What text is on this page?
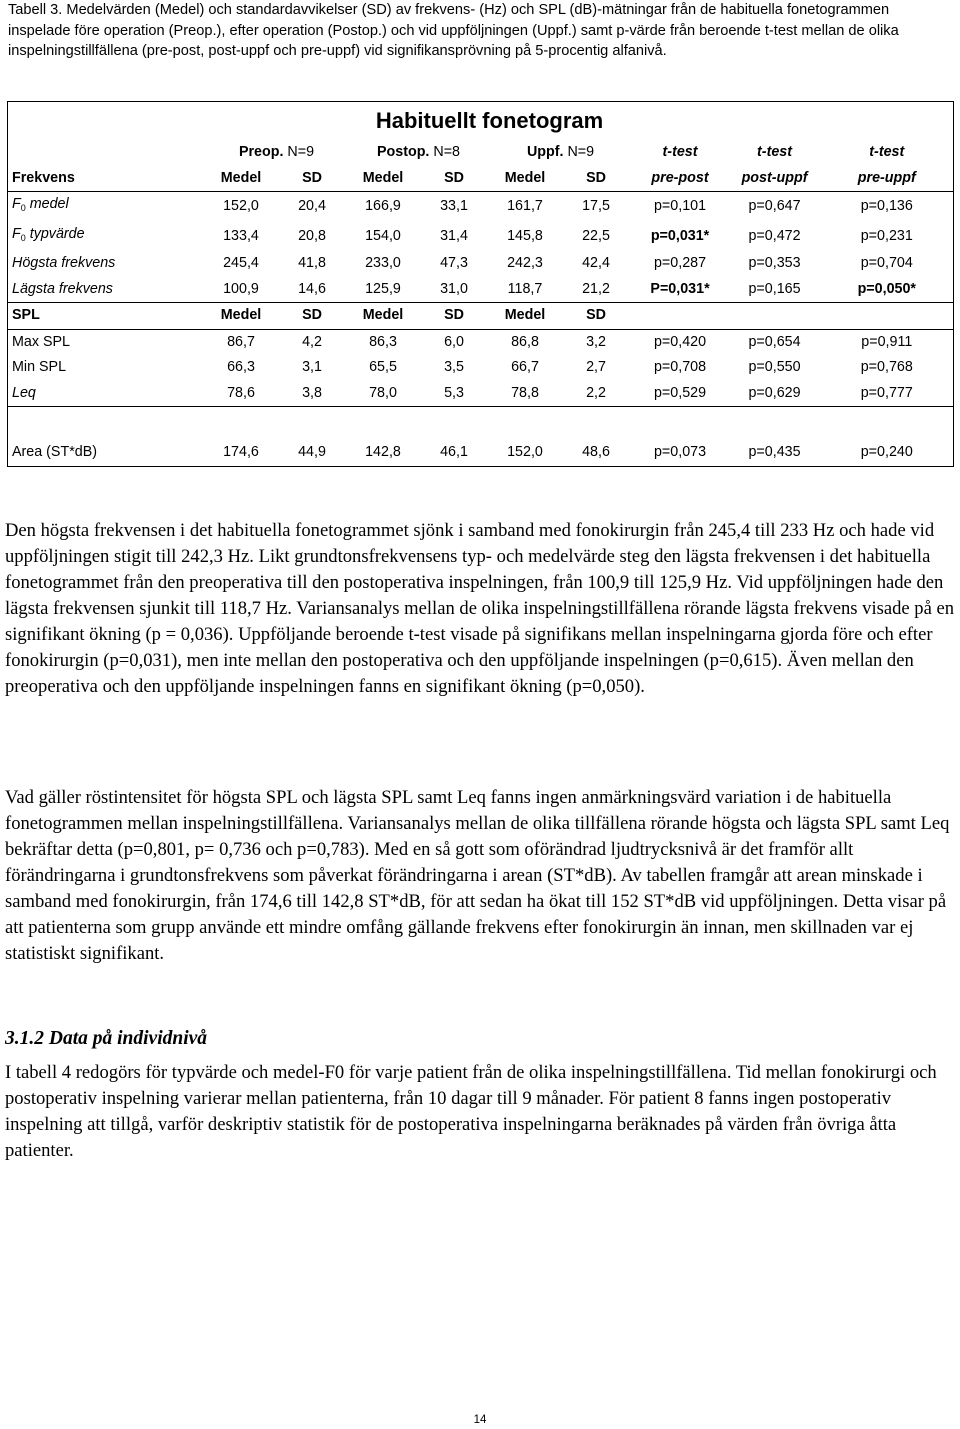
Tabell 3. Medelvärden (Medel) och standardavvikelser (SD) av frekvens- (Hz) och SPL (dB)-mätningar från de habituella fonetogrammen inspelade före operation (Preop.), efter operation (Postop.) och vid uppföljningen (Uppf.) samt p-värde från beroende t-test mellan de olika inspelningstillfällena (pre-post, post-uppf och pre-uppf) vid signifikansprövning på 5-procentig alfanivå.
			Habituellt fonetogram						
	Preop. N=9		Postop. N=8		Uppf. N=9		t-test	t-test	t-test
Frekvens	Medel	SD	Medel	SD	Medel	SD	pre-post	post-uppf	pre-uppf
$F_0$ medel	152,0	20,4	166,9	33,1	161,7	17,5	p=0,101	p=0,647	p=0,136
$F_0$ typvärde	133,4	20,8	154,0	31,4	145,8	22,5	p=0,031*	p=0,472	p=0,231
Högsta frekvens	245,4	41,8	233,0	47,3	242,3	42,4	p=0,287	p=0,353	p=0,704
Lägsta frekvens	100,9	14,6	125,9	31,0	118,7	21,2	P=0,031*	p=0,165	p=0,050*
SPL	Medel	SD	Medel	SD	Medel	SD			
Max SPL	86,7	4,2	86,3	6,0	86,8	3,2	p=0,420	p=0,654	p=0,911
Min SPL	66,3	3,1	65,5	3,5	66,7	2,7	p=0,708	p=0,550	p=0,768
Leq	78,6	3,8	78,0	5,3	78,8	2,2	p=0,529	p=0,629	p=0,777

Area (ST*dB)	174,6	44,9	142,8	46,1	152,0	48,6	p=0,073	p=0,435	p=0,240

Den högsta frekvensen i det habituella fonetogrammet sjönk i samband med fonokirurgin från 245,4 till 233 Hz och hade vid uppföljningen stigit till 242,3 Hz. Likt grundtonsfrekvensens typ- och medelvärde steg den lägsta frekvensen i det habituella fonetogrammet från den preoperativa till den postoperativa inspelningen, från 100,9 till 125,9 Hz. Vid uppföljningen hade den lägsta frekvensen sjunkit till 118,7 Hz. Variansanalys mellan de olika inspelningstillfällena rörande lägsta frekvens visade på en signifikant ökning (p = 0,036). Uppföljande beroende t-test visade på signifikans mellan inspelningarna gjorda före och efter fonokirurgin (p=0,031), men inte mellan den postoperativa och den uppföljande inspelningen (p=0,615). Även mellan den preoperativa och den uppföljande inspelningen fanns en signifikant ökning (p=0,050).

Vad gäller röstintensitet för högsta SPL och lägsta SPL samt Leq fanns ingen anmärkningsvärd variation i de habituella fonetogrammen mellan inspelningstillfällena. Variansanalys mellan de olika tillfällena rörande högsta och lägsta SPL samt Leq bekräftar detta (p=0,801, p= 0,736 och p=0,783). Med en så gott som oförändrad ljudtrycksnivå är det framför allt förändringarna i grundtonsfrekvens som påverkat förändringarna i arean (ST*dB). Av tabellen framgår att arean minskade i samband med fonokirurgin, från 174,6 till 142,8 ST*dB, för att sedan ha ökat till 152 ST*dB vid uppföljningen. Detta visar på att patienterna som grupp använde ett mindre omfång gällande frekvens efter fonokirurgin än innan, men skillnaden var ej statistiskt signifikant.

3.1.2 Data på individnivå

I tabell 4 redogörs för typvärde och medel-F0 för varje patient från de olika inspelningstillfällena. Tid mellan fonokirurgi och postoperativ inspelning varierar mellan patienterna, från 10 dagar till 9 månader. För patient 8 fanns ingen postoperativ inspelning att tillgå, varför deskriptiv statistik för de postoperativa inspelningarna beräknades på värden från övriga åtta patienter.

14
